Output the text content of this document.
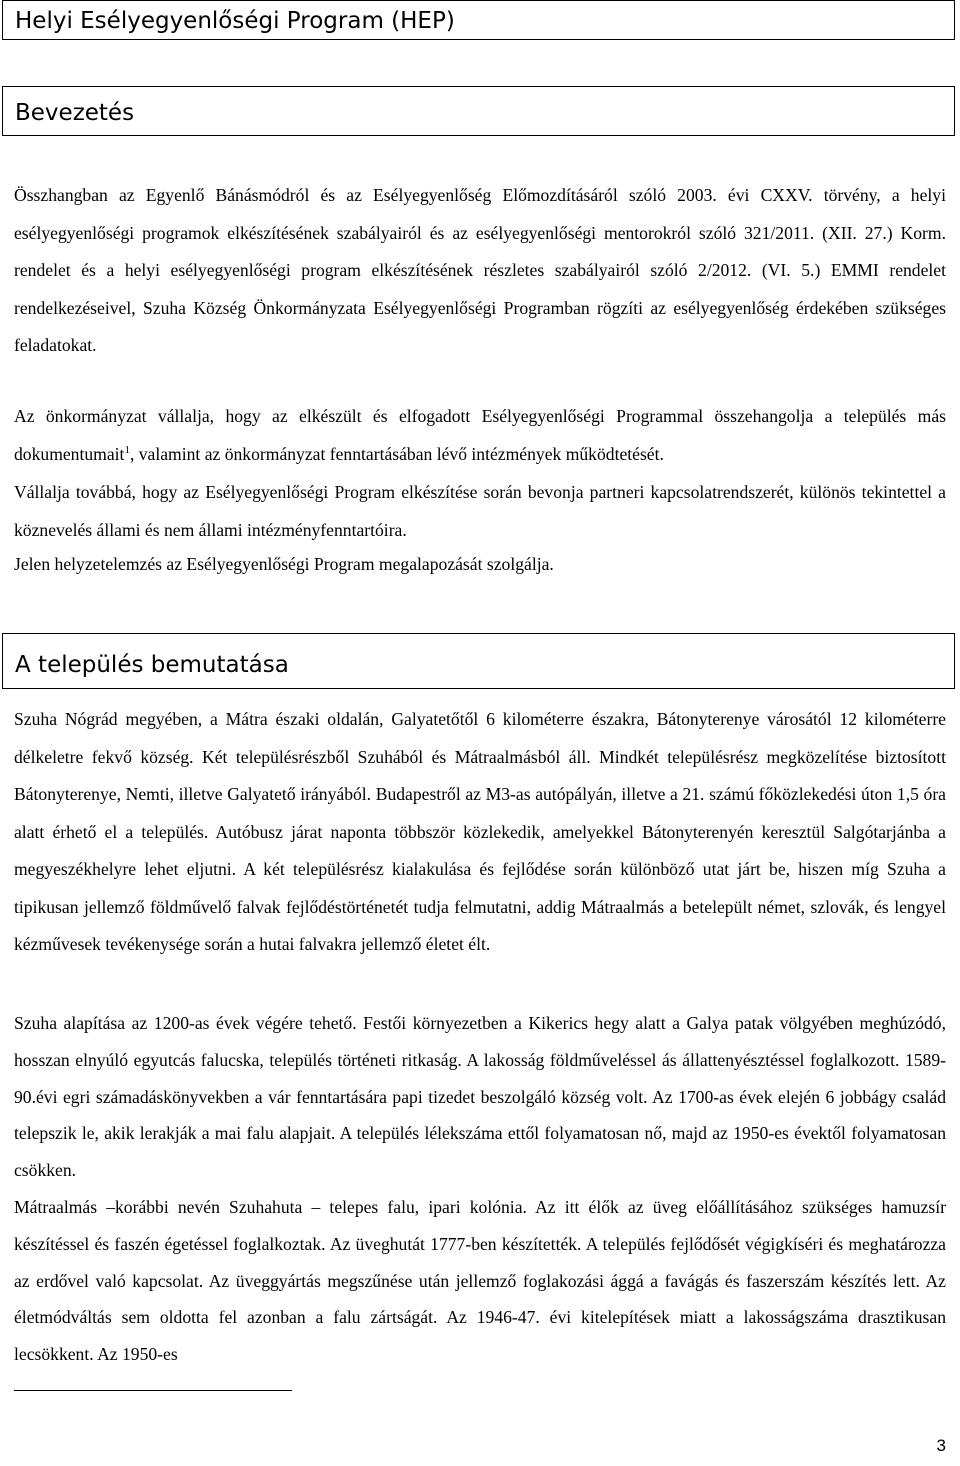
Helyi Esélyegyenlőségi Program (HEP)
Bevezetés

Összhangban az Egyenlő Bánásmódról és az Esélyegyenlőség Előmozdításáról szóló 2003. évi CXXV. törvény, a helyi esélyegyenlőségi programok elkészítésének szabályairól és az esélyegyenlőségi mentorokról szóló 321/2011. (XII. 27.) Korm. rendelet és a helyi esélyegyenlőségi program elkészítésének részletes szabályairól szóló 2/2012. (VI. 5.) EMMI rendelet rendelkezéseivel, Szuha Község Önkormányzata Esélyegyenlőségi Programban rögzíti az esélyegyenlőség érdekében szükséges feladatokat.

Az önkormányzat vállalja, hogy az elkészült és elfogadott Esélyegyenlőségi Programmal összehangolja a település más dokumentumait$^1$, valamint az önkormányzat fenntartásában lévő intézmények működtetését.

Vállalja továbbá, hogy az Esélyegyenlőségi Program elkészítése során bevonja partneri kapcsolatrendszerét, különös tekintettel a köznevelés állami és nem állami intézményfenntartóira.

Jelen helyzetelemzés az Esélyegyenlőségi Program megalapozását szolgálja.

A település bemutatása

Szuha Nógrád megyében, a Mátra északi oldalán, Galyatetőtől 6 kilométerre északra, Bátonyterenye városától 12 kilométerre délkeletre fekvő község. Két településrészből Szuhából és Mátraalmásból áll. Mindkét településrész megközelítése biztosított Bátonyterenye, Nemti, illetve Galyatető irányából. Budapestről az M3-as autópályán, illetve a 21. számú főközlekedési úton 1,5 óra alatt érhető el a település. Autóbusz járat naponta többször közlekedik, amelyekkel Bátonyterenyén keresztül Salgótarjánba a megyeszékhelyre lehet eljutni. A két településrész kialakulása és fejlődése során különböző utat járt be, hiszen míg Szuha a tipikusan jellemző földművelő falvak fejlődéstörténetét tudja felmutatni, addig Mátraalmás a betelepült német, szlovák, és lengyel kézművesek tevékenysége során a hutai falvakra jellemző életet élt.

Szuha alapítása az 1200-as évek végére tehető. Festői környezetben a Kikerics hegy alatt a Galya patak völgyében meghúzódó, hosszan elnyúló egyutcás falucska, település történeti ritkaság. A lakosság földműveléssel ás állattenyésztéssel foglalkozott. 1589-90.évi egri számadáskönyvekben a vár fenntartására papi tizedet beszolgáló község volt. Az 1700-as évek elején 6 jobbágy család telepszik le, akik lerakják a mai falu alapjait. A település lélekszáma ettől folyamatosan nő, majd az 1950-es évektől folyamatosan csökken.

Mátraalmás –korábbi nevén Szuhahuta – telepes falu, ipari kolónia. Az itt élők az üveg előállításához szükséges hamuzsír készítéssel és faszén égetéssel foglalkoztak. Az üveghutát 1777-ben készítették. A település fejlődősét végigkíséri és meghatározza az erdővel való kapcsolat. Az üveggyártás megszűnése után jellemző foglakozási ággá a favágás és faszerszám készítés lett. Az életmódváltás sem oldotta fel azonban a falu zártságát. Az 1946-47. évi kitelepítések miatt a lakosságszáma drasztikusan lecsökkent. Az 1950-es

3
